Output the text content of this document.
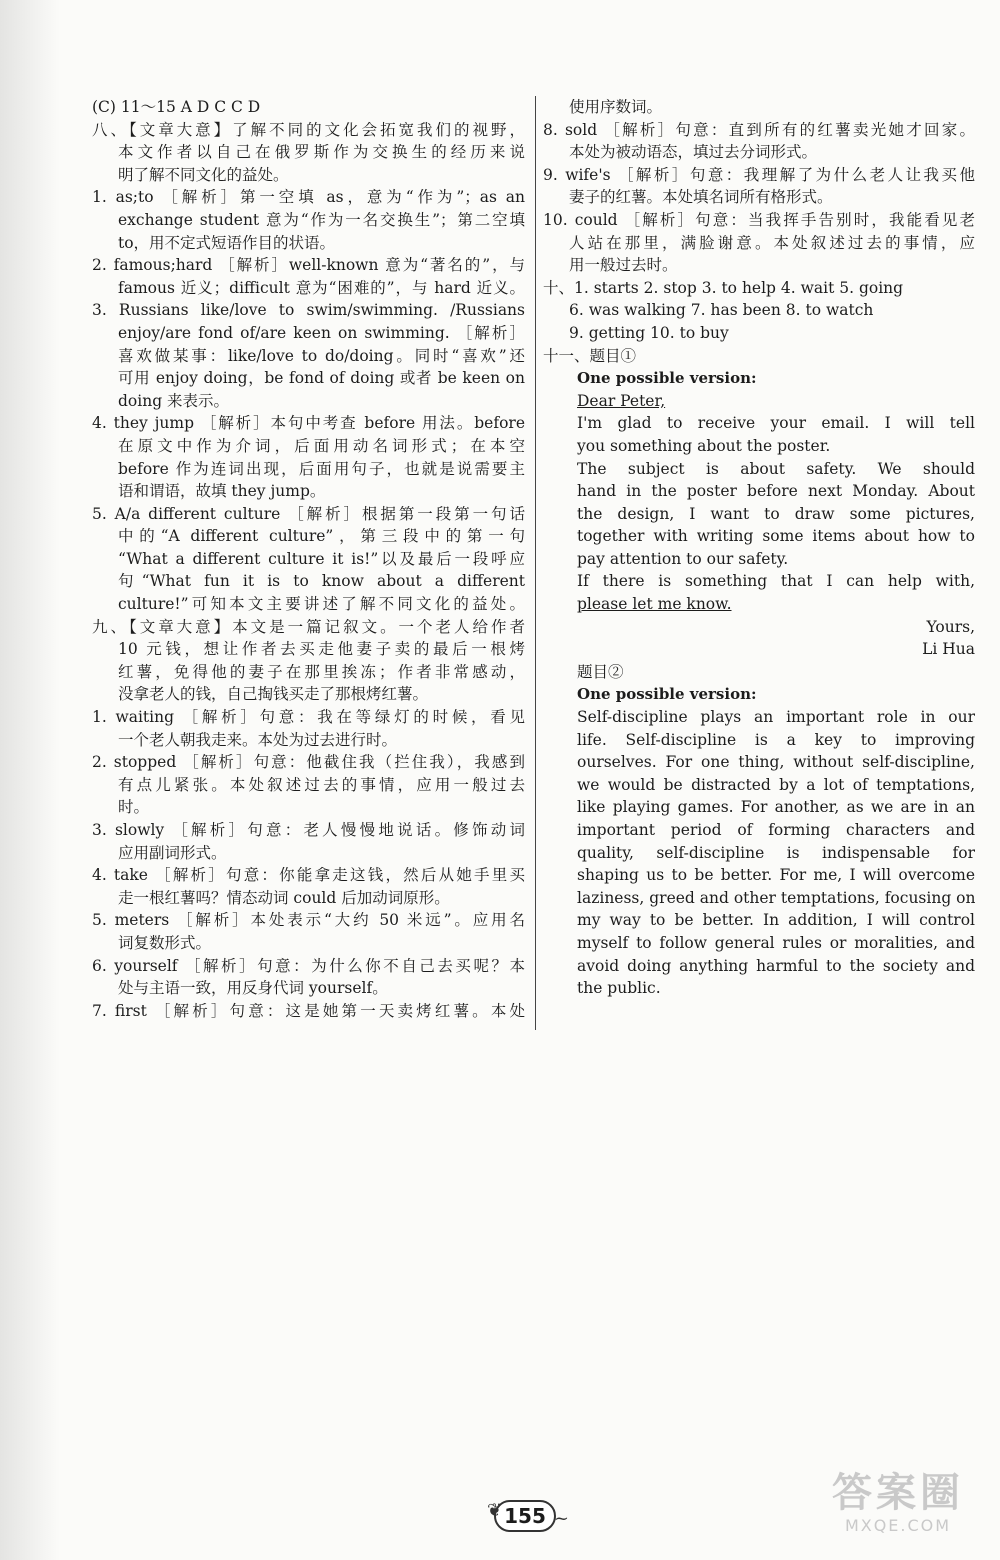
(C) 11～15 A D C C D
八、【文章大意】了解不同的文化会拓宽我们的视野，
本文作者以自己在俄罗斯作为交换生的经历来说
明了解不同文化的益处。
1. as;to ［解析］第一空填 as，意为“作为”；as an
exchange student 意为“作为一名交换生”；第二空填
to，用不定式短语作目的状语。
2. famous;hard ［解析］well-known 意为“著名的”，与
famous 近义；difficult 意为“困难的”，与 hard 近义。
3. Russians like/love to swim/swimming. /Russians
enjoy/are fond of/are keen on swimming. ［解析］
喜欢做某事：like/love to do/doing。同时“喜欢”还
可用 enjoy doing，be fond of doing 或者 be keen on
doing 来表示。
4. they jump ［解析］本句中考查 before 用法。before
在原文中作为介词，后面用动名词形式；在本空
before 作为连词出现，后面用句子，也就是说需要主
语和谓语，故填 they jump。
5. A/a different culture ［解析］根据第一段第一句话
中的“A different culture”，第三段中的第一句
“What a different culture it is!”以及最后一段呼应
句“What fun it is to know about a different
culture!”可知本文主要讲述了解不同文化的益处。
九、【文章大意】本文是一篇记叙文。一个老人给作者
10 元钱，想让作者去买走他妻子卖的最后一根烤
红薯，免得他的妻子在那里挨冻；作者非常感动，
没拿老人的钱，自己掏钱买走了那根烤红薯。
1. waiting ［解析］句意：我在等绿灯的时候，看见
一个老人朝我走来。本处为过去进行时。
2. stopped ［解析］句意：他截住我（拦住我），我感到
有点儿紧张。本处叙述过去的事情，应用一般过去
时。
3. slowly ［解析］句意：老人慢慢地说话。修饰动词
应用副词形式。
4. take ［解析］句意：你能拿走这钱，然后从她手里买
走一根红薯吗？情态动词 could 后加动词原形。
5. meters ［解析］本处表示“大约 50 米远”。应用名
词复数形式。
6. yourself ［解析］句意：为什么你不自己去买呢？本
处与主语一致，用反身代词 yourself。
7. first ［解析］句意：这是她第一天卖烤红薯。本处
使用序数词。
8. sold ［解析］句意：直到所有的红薯卖光她才回家。
本处为被动语态，填过去分词形式。
9. wife's ［解析］句意：我理解了为什么老人让我买他
妻子的红薯。本处填名词所有格形式。
10. could ［解析］句意：当我挥手告别时，我能看见老
人站在那里，满脸谢意。本处叙述过去的事情，应
用一般过去时。
十、1. starts 2. stop 3. to help 4. wait 5. going
6. was walking 7. has been 8. to watch
9. getting 10. to buy
十一、题目①
One possible version:
Dear Peter,
I'm glad to receive your email. I will tell
you something about the poster.
The subject is about safety. We should
hand in the poster before next Monday. About
the design, I want to draw some pictures,
together with writing some items about how to
pay attention to our safety.
If there is something that I can help with,
please let me know.
Yours,
Li Hua
题目②
One possible version:
Self-discipline plays an important role in our
life. Self-discipline is a key to improving
ourselves. For one thing, without self-discipline,
we would be distracted by a lot of temptations,
like playing games. For another, as we are in an
important period of forming characters and
quality, self-discipline is indispensable for
shaping us to be better. For me, I will overcome
laziness, greed and other temptations, focusing on
my way to be better. In addition, I will control
myself to follow general rules or moralities, and
avoid doing anything harmful to the society and
the public.
❦ 155 ~
答案圈
MXQE.COM
